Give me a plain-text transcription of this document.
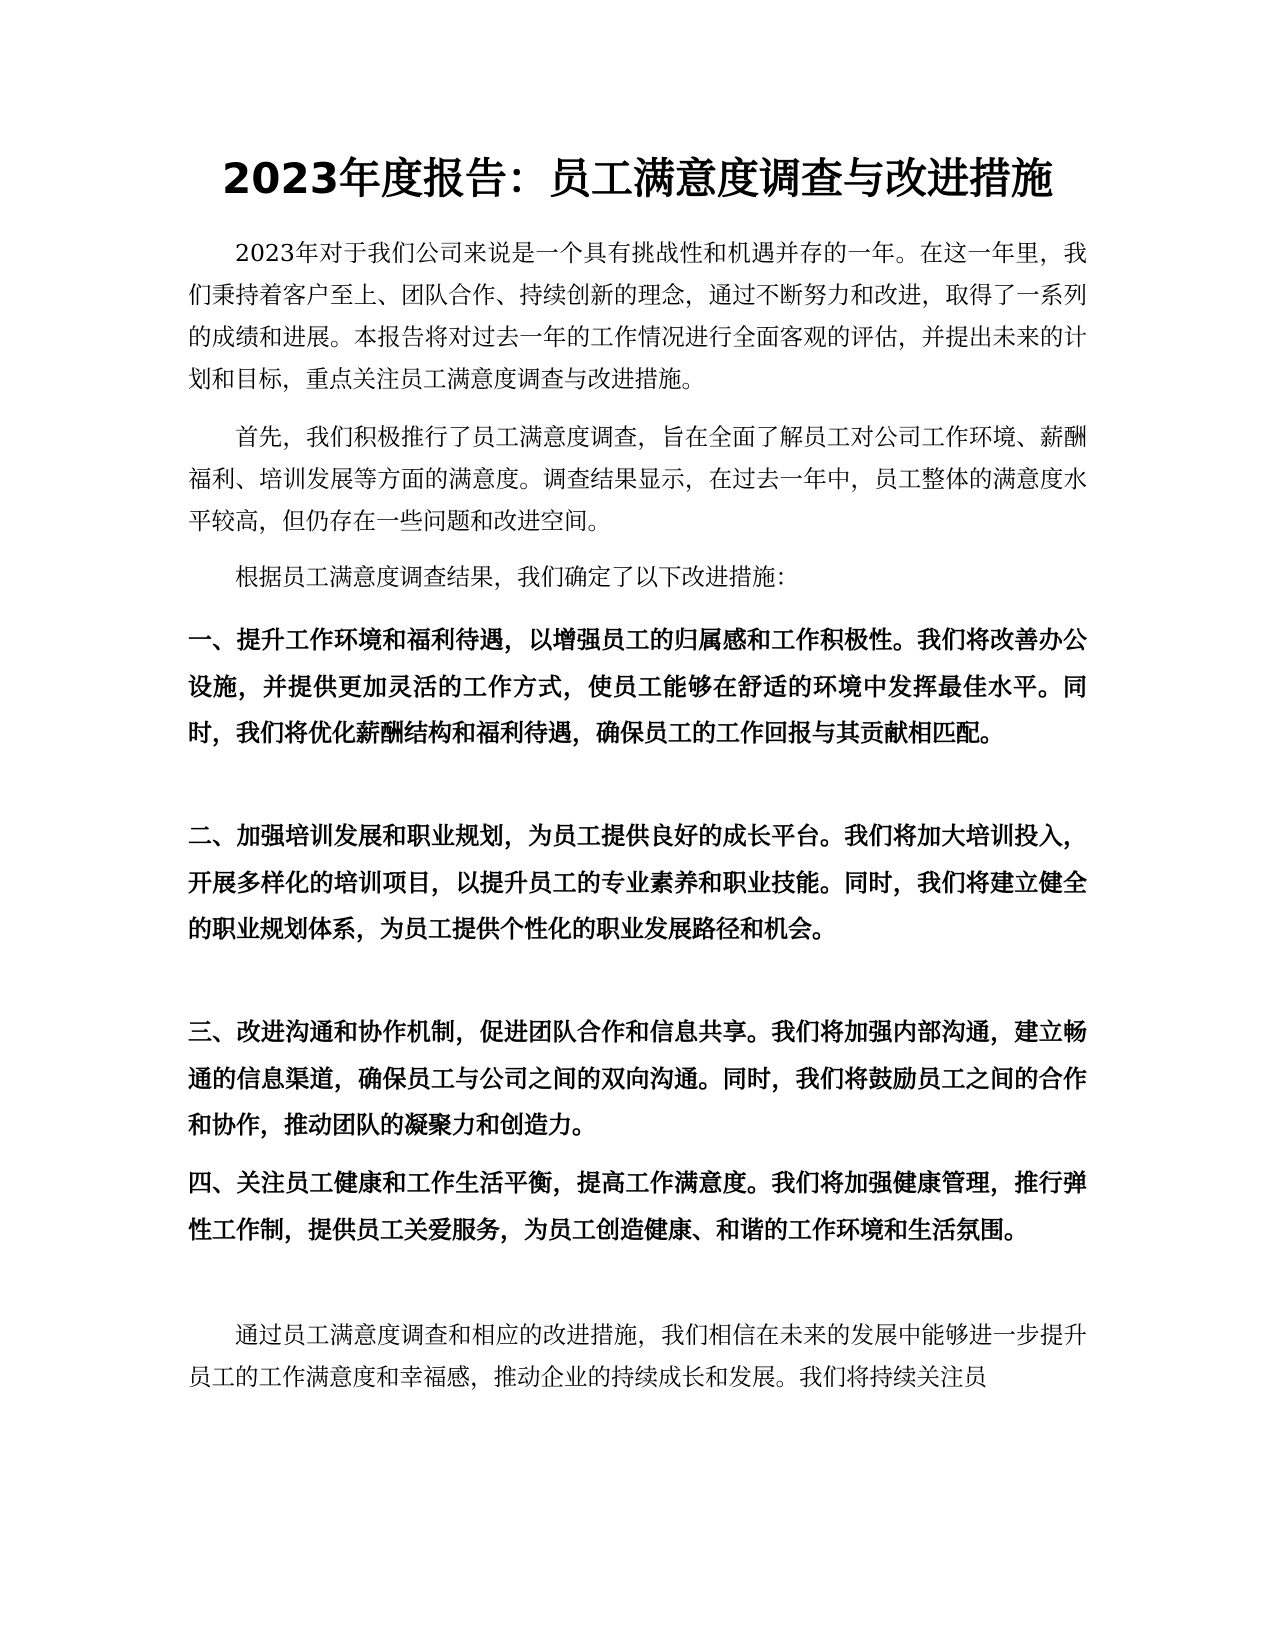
2023年度报告：员工满意度调查与改进措施

2023年对于我们公司来说是一个具有挑战性和机遇并存的一年。在这一年里，我们秉持着客户至上、团队合作、持续创新的理念，通过不断努力和改进，取得了一系列的成绩和进展。本报告将对过去一年的工作情况进行全面客观的评估，并提出未来的计划和目标，重点关注员工满意度调查与改进措施。

首先，我们积极推行了员工满意度调查，旨在全面了解员工对公司工作环境、薪酬福利、培训发展等方面的满意度。调查结果显示，在过去一年中，员工整体的满意度水平较高，但仍存在一些问题和改进空间。

根据员工满意度调查结果，我们确定了以下改进措施：

一、提升工作环境和福利待遇，以增强员工的归属感和工作积极性。我们将改善办公设施，并提供更加灵活的工作方式，使员工能够在舒适的环境中发挥最佳水平。同时，我们将优化薪酬结构和福利待遇，确保员工的工作回报与其贡献相匹配。

二、加强培训发展和职业规划，为员工提供良好的成长平台。我们将加大培训投入，开展多样化的培训项目，以提升员工的专业素养和职业技能。同时，我们将建立健全的职业规划体系，为员工提供个性化的职业发展路径和机会。

三、改进沟通和协作机制，促进团队合作和信息共享。我们将加强内部沟通，建立畅通的信息渠道，确保员工与公司之间的双向沟通。同时，我们将鼓励员工之间的合作和协作，推动团队的凝聚力和创造力。

四、关注员工健康和工作生活平衡，提高工作满意度。我们将加强健康管理，推行弹性工作制，提供员工关爱服务，为员工创造健康、和谐的工作环境和生活氛围。

通过员工满意度调查和相应的改进措施，我们相信在未来的发展中能够进一步提升员工的工作满意度和幸福感，推动企业的持续成长和发展。我们将持续关注员
